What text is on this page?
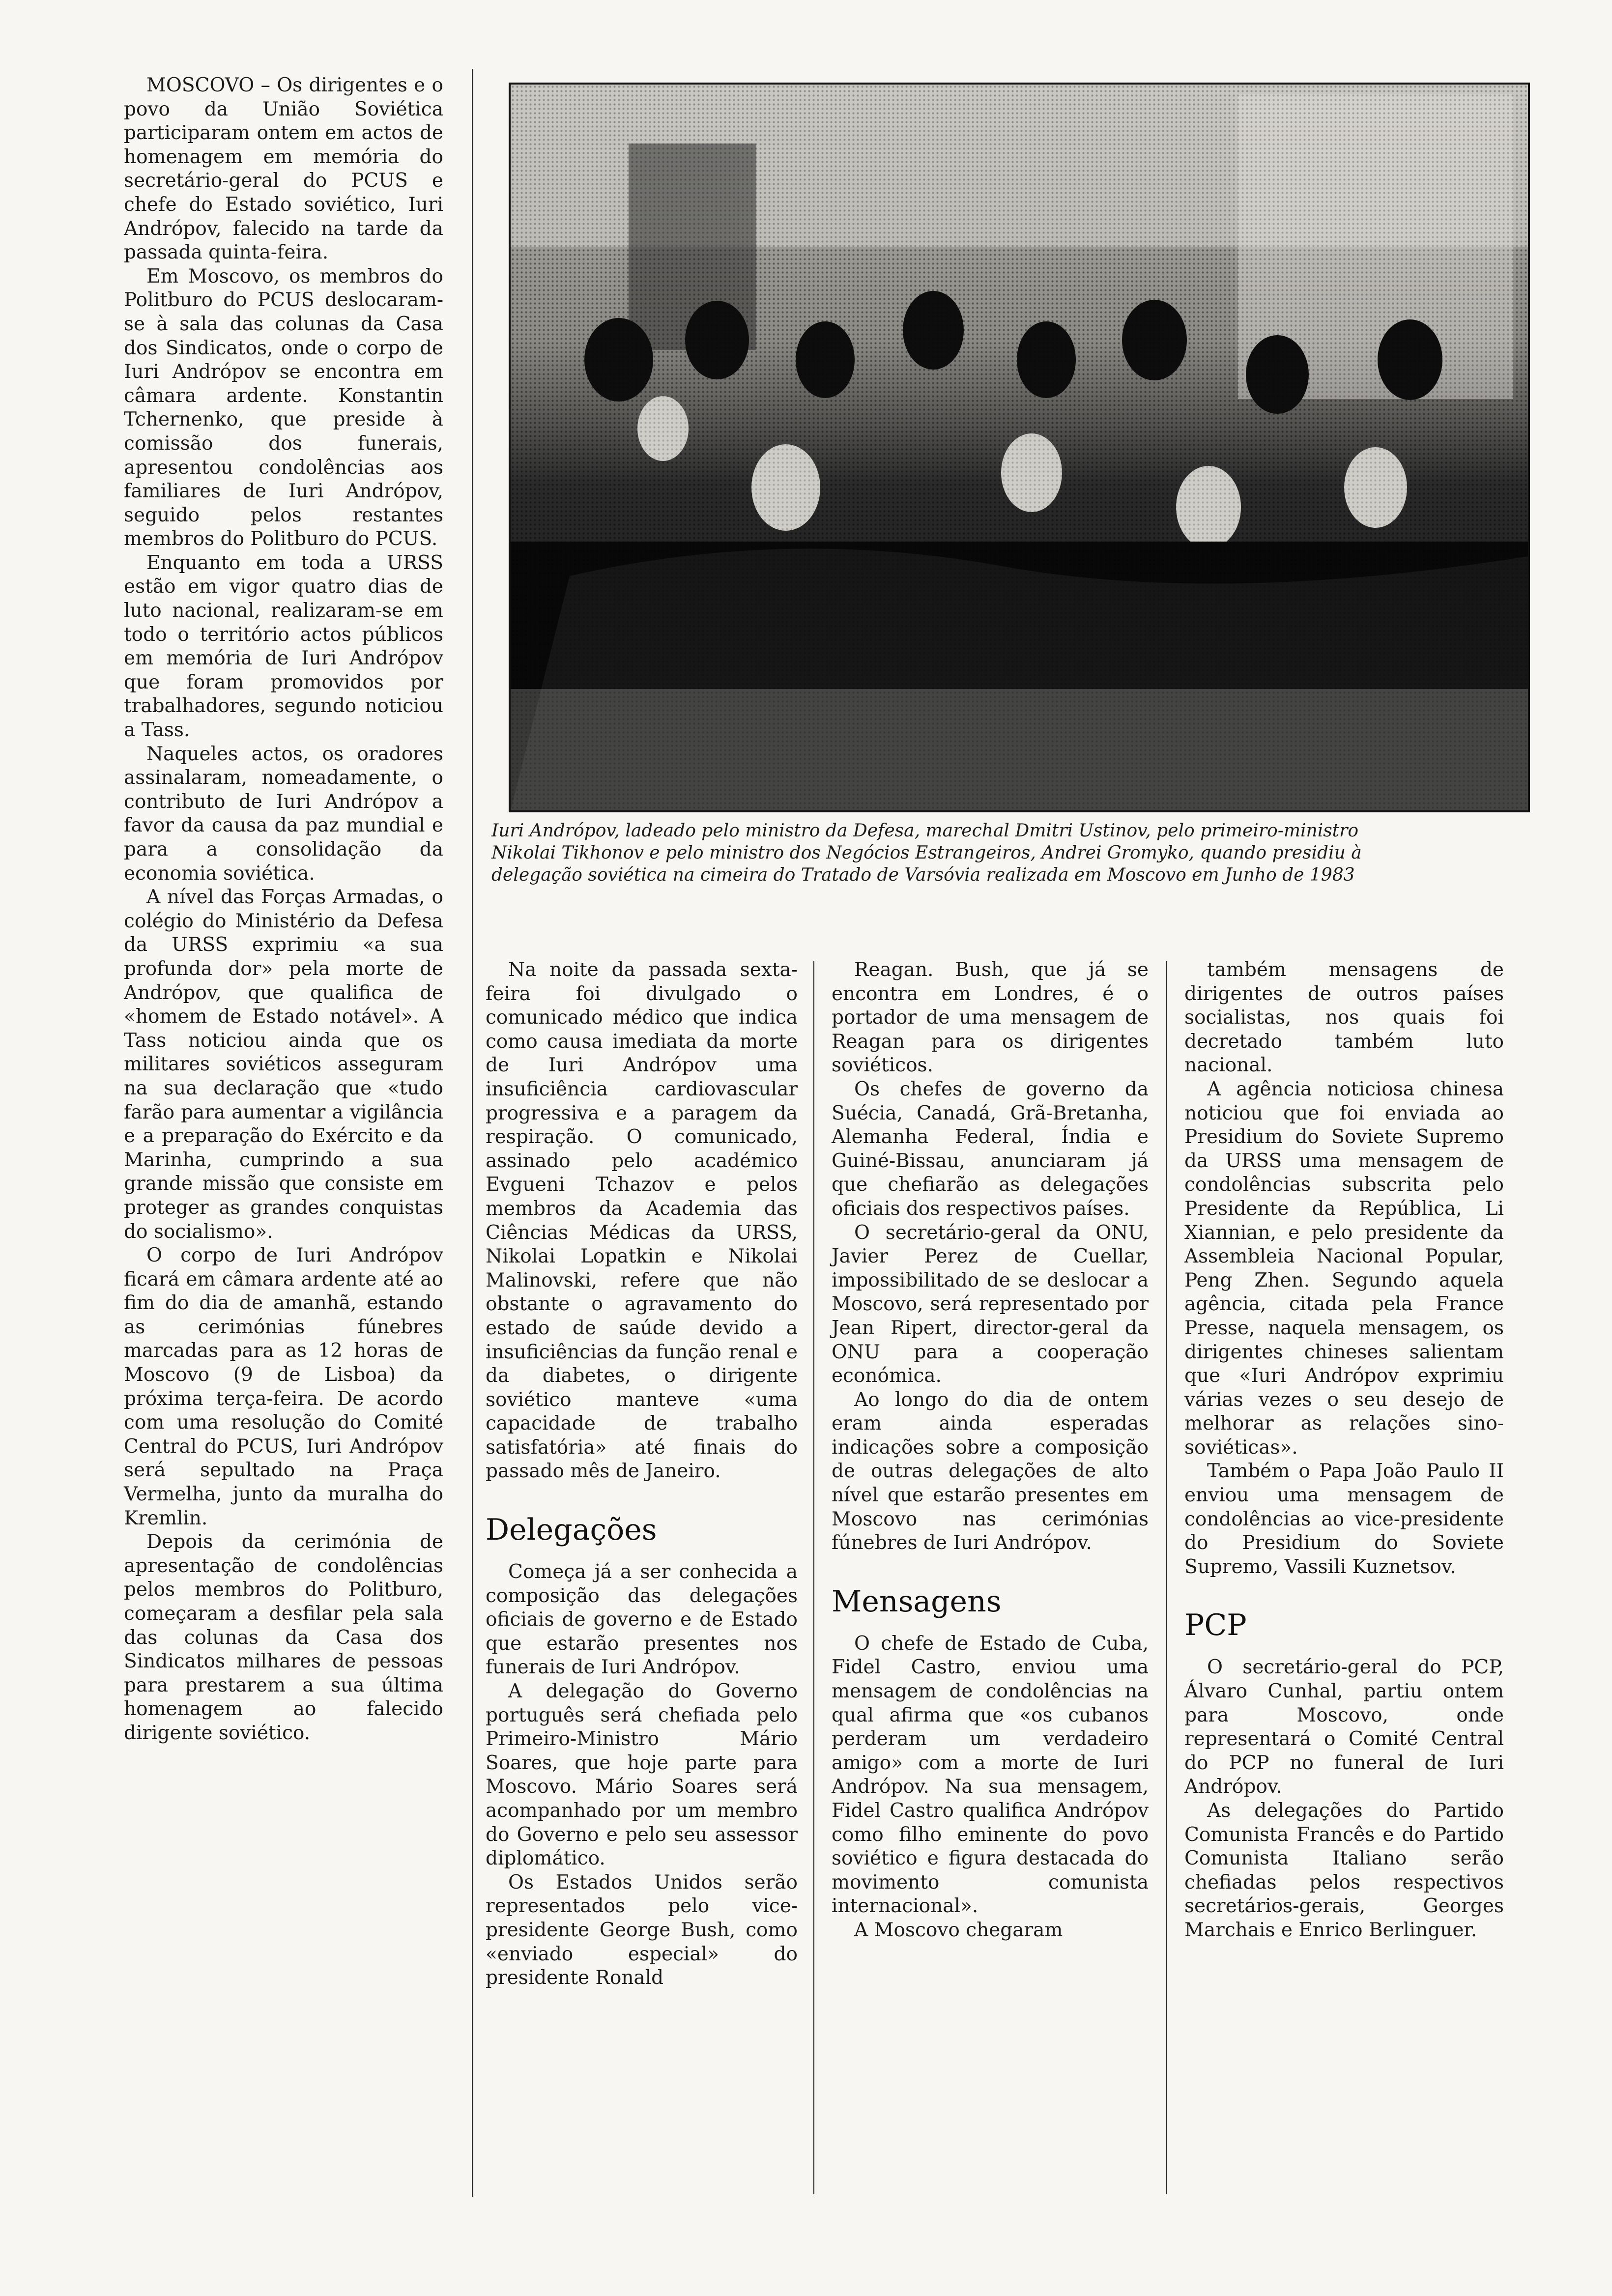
MOSCOVO – Os dirigentes e o povo da União Soviética participaram ontem em actos de homenagem em memória do secretário-geral do PCUS e chefe do Estado soviético, Iuri Andrópov, falecido na tarde da passada quinta-feira.

Em Moscovo, os membros do Politburo do PCUS deslocaram-se à sala das colunas da Casa dos Sindicatos, onde o corpo de Iuri Andrópov se encontra em câmara ardente. Konstantin Tchernenko, que preside à comissão dos funerais, apresentou condolências aos familiares de Iuri Andrópov, seguido pelos restantes membros do Politburo do PCUS.

Enquanto em toda a URSS estão em vigor quatro dias de luto nacional, realizaram-se em todo o território actos públicos em memória de Iuri Andrópov que foram promovidos por trabalhadores, segundo noticiou a Tass.

Naqueles actos, os oradores assinalaram, nomeadamente, o contributo de Iuri Andrópov a favor da causa da paz mundial e para a consolidação da economia soviética.

A nível das Forças Armadas, o colégio do Ministério da Defesa da URSS exprimiu «a sua profunda dor» pela morte de Andrópov, que qualifica de «homem de Estado notável». A Tass noticiou ainda que os militares soviéticos asseguram na sua declaração que «tudo farão para aumentar a vigilância e a preparação do Exército e da Marinha, cumprindo a sua grande missão que consiste em proteger as grandes conquistas do socialismo».

O corpo de Iuri Andrópov ficará em câmara ardente até ao fim do dia de amanhã, estando as cerimónias fúnebres marcadas para as 12 horas de Moscovo (9 de Lisboa) da próxima terça-feira. De acordo com uma resolução do Comité Central do PCUS, Iuri Andrópov será sepultado na Praça Vermelha, junto da muralha do Kremlin.

Depois da cerimónia de apresentação de condolências pelos membros do Politburo, começaram a desfilar pela sala das colunas da Casa dos Sindicatos milhares de pessoas para prestarem a sua última homenagem ao falecido dirigente soviético.

Iuri Andrópov, ladeado pelo ministro da Defesa, marechal Dmitri Ustinov, pelo primeiro-ministro
Nikolai Tikhonov e pelo ministro dos Negócios Estrangeiros, Andrei Gromyko, quando presidiu à
delegação soviética na cimeira do Tratado de Varsóvia realizada em Moscovo em Junho de 1983

Na noite da passada sexta-feira foi divulgado o comunicado médico que indica como causa imediata da morte de Iuri Andrópov uma insuficiência cardiovascular progressiva e a paragem da respiração. O comunicado, assinado pelo académico Evgueni Tchazov e pelos membros da Academia das Ciências Médicas da URSS, Nikolai Lopatkin e Nikolai Malinovski, refere que não obstante o agravamento do estado de saúde devido a insuficiências da função renal e da diabetes, o dirigente soviético manteve «uma capacidade de trabalho satisfatória» até finais do passado mês de Janeiro.

Delegações

Começa já a ser conhecida a composição das delegações oficiais de governo e de Estado que estarão presentes nos funerais de Iuri Andrópov.

A delegação do Governo português será chefiada pelo Primeiro-Ministro Mário Soares, que hoje parte para Moscovo. Mário Soares será acompanhado por um membro do Governo e pelo seu assessor diplomático.

Os Estados Unidos serão representados pelo vice-presidente George Bush, como «enviado especial» do presidente Ronald

Reagan. Bush, que já se encontra em Londres, é o portador de uma mensagem de Reagan para os dirigentes soviéticos.

Os chefes de governo da Suécia, Canadá, Grã-Bretanha, Alemanha Federal, Índia e Guiné-Bissau, anunciaram já que chefiarão as delegações oficiais dos respectivos países.

O secretário-geral da ONU, Javier Perez de Cuellar, impossibilitado de se deslocar a Moscovo, será representado por Jean Ripert, director-geral da ONU para a cooperação económica.

Ao longo do dia de ontem eram ainda esperadas indicações sobre a composição de outras delegações de alto nível que estarão presentes em Moscovo nas cerimónias fúnebres de Iuri Andrópov.

Mensagens

O chefe de Estado de Cuba, Fidel Castro, enviou uma mensagem de condolências na qual afirma que «os cubanos perderam um verdadeiro amigo» com a morte de Iuri Andrópov. Na sua mensagem, Fidel Castro qualifica Andrópov como filho eminente do povo soviético e figura destacada do movimento comunista internacional».

A Moscovo chegaram

também mensagens de dirigentes de outros países socialistas, nos quais foi decretado também luto nacional.

A agência noticiosa chinesa noticiou que foi enviada ao Presidium do Soviete Supremo da URSS uma mensagem de condolências subscrita pelo Presidente da República, Li Xiannian, e pelo presidente da Assembleia Nacional Popular, Peng Zhen. Segundo aquela agência, citada pela France Presse, naquela mensagem, os dirigentes chineses salientam que «Iuri Andrópov exprimiu várias vezes o seu desejo de melhorar as relações sino-soviéticas».

Também o Papa João Paulo II enviou uma mensagem de condolências ao vice-presidente do Presidium do Soviete Supremo, Vassili Kuznetsov.

PCP

O secretário-geral do PCP, Álvaro Cunhal, partiu ontem para Moscovo, onde representará o Comité Central do PCP no funeral de Iuri Andrópov.

As delegações do Partido Comunista Francês e do Partido Comunista Italiano serão chefiadas pelos respectivos secretários-gerais, Georges Marchais e Enrico Berlinguer.
